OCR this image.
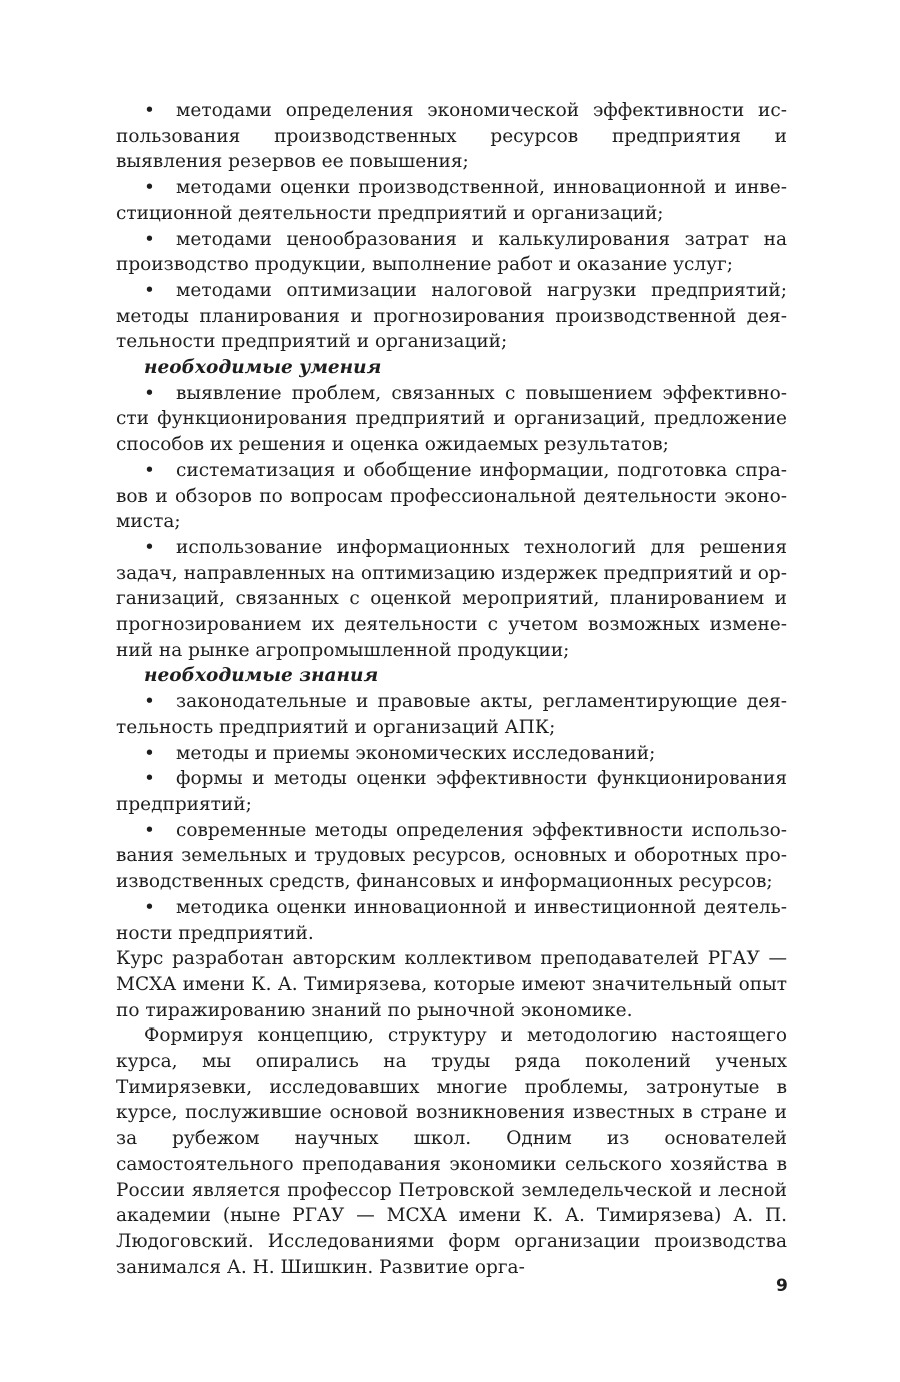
• методами определения экономической эффективности использования производственных ресурсов предприятия и выявления резервов ее повышения;

• методами оценки производственной, инновационной и инвестиционной деятельности предприятий и организаций;

• методами ценообразования и калькулирования затрат на производство продукции, выполнение работ и оказание услуг;

• методами оптимизации налоговой нагрузки предприятий; методы планирования и прогнозирования производственной деятельности предприятий и организаций;

необходимые умения

• выявление проблем, связанных с повышением эффективности функционирования предприятий и организаций, предложение способов их решения и оценка ожидаемых результатов;

• систематизация и обобщение информации, подготовка справов и обзоров по вопросам профессиональной деятельности экономиста;

• использование информационных технологий для решения задач, направленных на оптимизацию издержек предприятий и организаций, связанных с оценкой мероприятий, планированием и прогнозированием их деятельности с учетом возможных изменений на рынке агропромышленной продукции;

необходимые знания

• законодательные и правовые акты, регламентирующие деятельность предприятий и организаций АПК;

• методы и приемы экономических исследований;

• формы и методы оценки эффективности функционирования предприятий;

• современные методы определения эффективности использования земельных и трудовых ресурсов, основных и оборотных производственных средств, финансовых и информационных ресурсов;

• методика оценки инновационной и инвестиционной деятельности предприятий.

Курс разработан авторским коллективом преподавателей РГАУ — МСХА имени К. А. Тимирязева, которые имеют значительный опыт по тиражированию знаний по рыночной экономике.

Формируя концепцию, структуру и методологию настоящего курса, мы опирались на труды ряда поколений ученых Тимирязевки, исследовавших многие проблемы, затронутые в курсе, послужившие основой возникновения известных в стране и за рубежом научных школ. Одним из основателей самостоятельного преподавания экономики сельского хозяйства в России является профессор Петровской земледельческой и лесной академии (ныне РГАУ — МСХА имени К. А. Тимирязева) А. П. Людоговский. Исследованиями форм организации производства занимался А. Н. Шишкин. Развитие орга-

9
